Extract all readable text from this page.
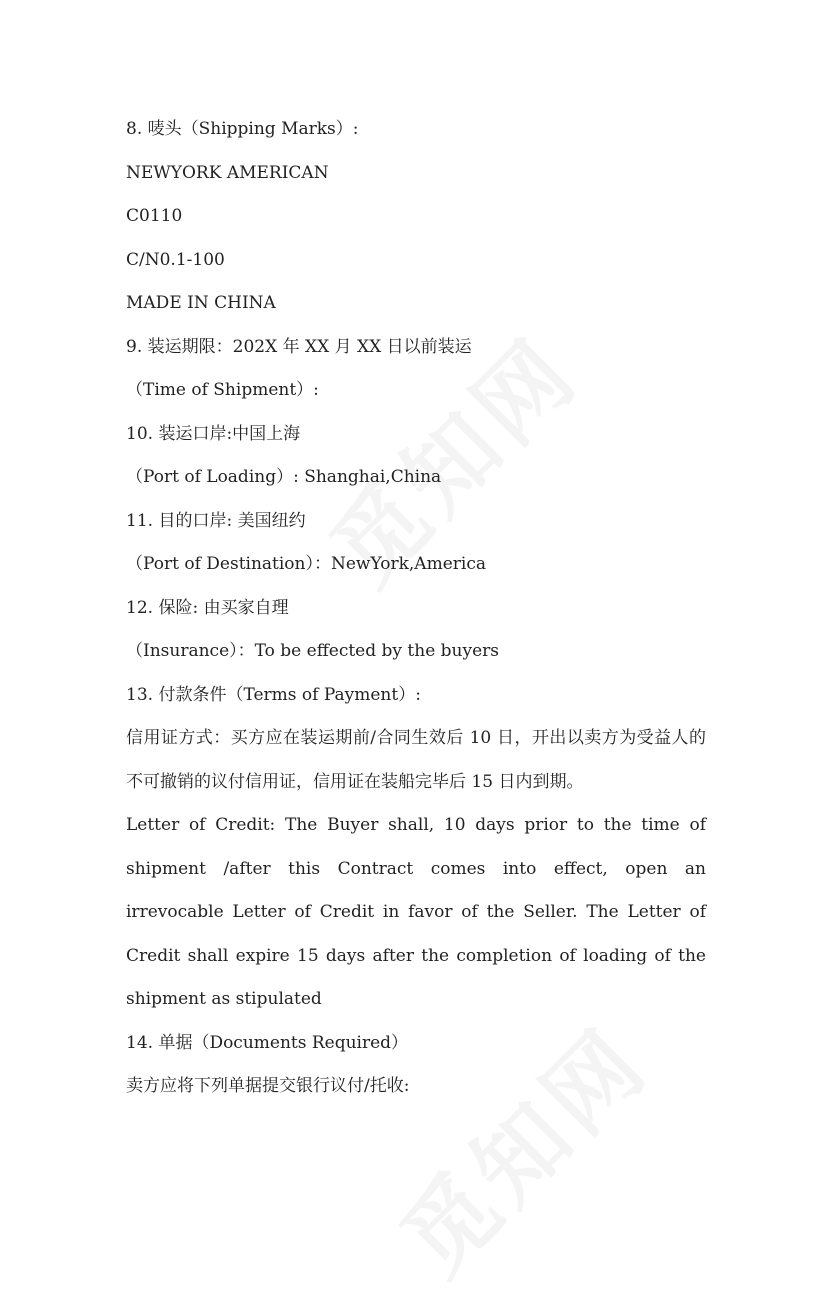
8. 唛头（Shipping Marks）:
NEWYORK AMERICAN
C0110
C/N0.1-100
MADE IN CHINA
9. 装运期限：202X 年 XX 月 XX 日以前装运
（Time of Shipment）:
10. 装运口岸:中国上海
（Port of Loading）: Shanghai,China
11. 目的口岸: 美国纽约
（Port of Destination）：NewYork,America
12. 保险: 由买家自理
（Insurance）：To be effected by the buyers
13. 付款条件（Terms of Payment）:
信用证方式：买方应在装运期前/合同生效后 10 日，开出以卖方为受益人的不可撤销的议付信用证，信用证在装船完毕后 15 日内到期。
Letter of Credit: The Buyer shall, 10 days prior to the time of shipment /after this Contract comes into effect, open an irrevocable Letter of Credit in favor of the Seller. The Letter of Credit shall expire 15 days after the completion of loading of the shipment as stipulated
14. 单据（Documents Required）
卖方应将下列单据提交银行议付/托收:
